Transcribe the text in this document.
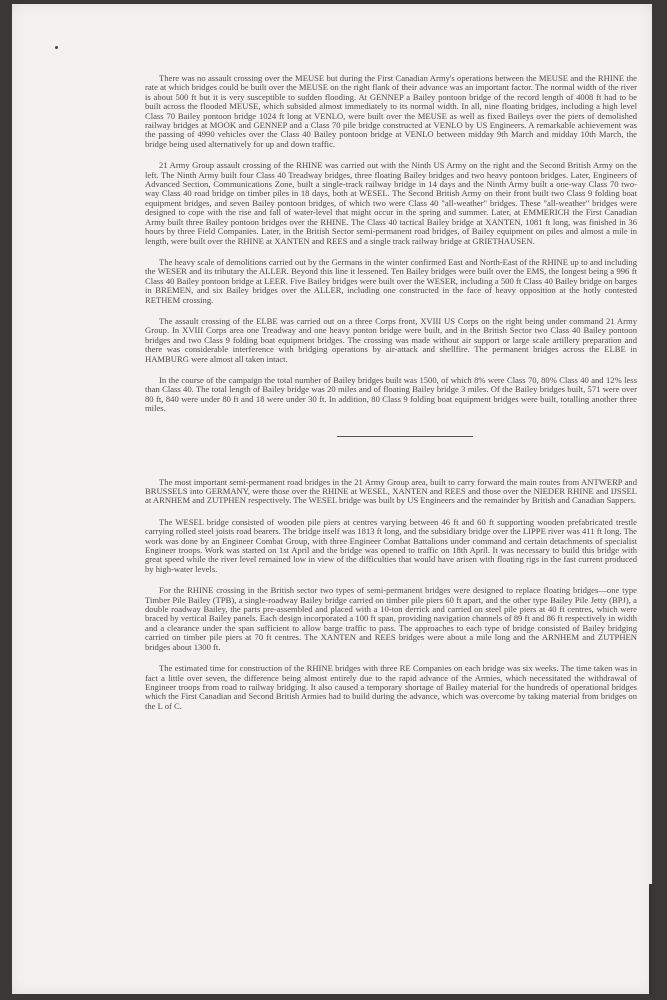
There was no assault crossing over the MEUSE but during the First Canadian Army's operations between the MEUSE and the RHINE the rate at which bridges could be built over the MEUSE on the right flank of their advance was an important factor. The normal width of the river is about 500 ft but it is very susceptible to sudden flooding. At GENNEP a Bailey pontoon bridge of the record length of 4008 ft had to be built across the flooded MEUSE, which subsided almost immediately to its normal width. In all, nine floating bridges, including a high level Class 70 Bailey pontoon bridge 1024 ft long at VENLO, were built over the MEUSE as well as fixed Baileys over the piers of demolished railway bridges at MOOK and GENNEP and a Class 70 pile bridge constructed at VENLO by US Engineers. A remarkable achievement was the passing of 4990 vehicles over the Class 40 Bailey pontoon bridge at VENLO between midday 9th March and midday 10th March, the bridge being used alternatively for up and down traffic.

21 Army Group assault crossing of the RHINE was carried out with the Ninth US Army on the right and the Second British Army on the left. The Ninth Army built four Class 40 Treadway bridges, three floating Bailey bridges and two heavy pontoon bridges. Later, Engineers of Advanced Section, Communications Zone, built a single-track railway bridge in 14 days and the Ninth Army built a one-way Class 70 two-way Class 40 road bridge on timber piles in 18 days, both at WESEL. The Second British Army on their front built two Class 9 folding boat equipment bridges, and seven Bailey pontoon bridges, of which two were Class 40 "all-weather" bridges. These "all-weather" bridges were designed to cope with the rise and fall of water-level that might occur in the spring and summer. Later, at EMMERICH the First Canadian Army built three Bailey pontoon bridges over the RHINE. The Class 40 tactical Bailey bridge at XANTEN, 1081 ft long, was finished in 36 hours by three Field Companies. Later, in the British Sector semi-permanent road bridges, of Bailey equipment on piles and almost a mile in length, were built over the RHINE at XANTEN and REES and a single track railway bridge at GRIETHAUSEN.

The heavy scale of demolitions carried out by the Germans in the winter confirmed East and North-East of the RHINE up to and including the WESER and its tributary the ALLER. Beyond this line it lessened. Ten Bailey bridges were built over the EMS, the longest being a 996 ft Class 40 Bailey pontoon bridge at LEER. Five Bailey bridges were built over the WESER, including a 500 ft Class 40 Bailey bridge on barges in BREMEN, and six Bailey bridges over the ALLER, including one constructed in the face of heavy opposition at the hotly contested RETHEM crossing.

The assault crossing of the ELBE was carried out on a three Corps front, XVIII US Corps on the right being under command 21 Army Group. In XVIII Corps area one Treadway and one heavy ponton bridge were built, and in the British Sector two Class 40 Bailey pontoon bridges and two Class 9 folding boat equipment bridges. The crossing was made without air support or large scale artillery preparation and there was considerable interference with bridging operations by air-attack and shellfire. The permanent bridges across the ELBE in HAMBURG were almost all taken intact.

In the course of the campaign the total number of Bailey bridges built was 1500, of which 8% were Class 70, 80% Class 40 and 12% less than Class 40. The total length of Bailey bridge was 20 miles and of floating Bailey bridge 3 miles. Of the Bailey bridges built, 571 were over 80 ft, 840 were under 80 ft and 18 were under 30 ft. In addition, 80 Class 9 folding boat equipment bridges were built, totalling another three miles.

The most important semi-permanent road bridges in the 21 Army Group area, built to carry forward the main routes from ANTWERP and BRUSSELS into GERMANY, were those over the RHINE at WESEL, XANTEN and REES and those over the NIEDER RHINE and IJSSEL at ARNHEM and ZUTPHEN respectively. The WESEL bridge was built by US Engineers and the remainder by British and Canadian Sappers.

The WESEL bridge consisted of wooden pile piers at centres varying between 46 ft and 60 ft supporting wooden prefabricated trestle carrying rolled steel joists road bearers. The bridge itself was 1813 ft long, and the subsidiary bridge over the LIPPE river was 411 ft long. The work was done by an Engineer Combat Group, with three Engineer Combat Battalions under command and certain detachments of specialist Engineer troops. Work was started on 1st April and the bridge was opened to traffic on 18th April. It was necessary to build this bridge with great speed while the river level remained low in view of the difficulties that would have arisen with floating rigs in the fast current produced by high-water levels.

For the RHINE crossing in the British sector two types of semi-permanent bridges were designed to replace floating bridges—one type Timber Pile Bailey (TPB), a single-roadway Bailey bridge carried on timber pile piers 60 ft apart, and the other type Bailey Pile Jetty (BPJ), a double roadway Bailey, the parts pre-assembled and placed with a 10-ton derrick and carried on steel pile piers at 40 ft centres, which were braced by vertical Bailey panels. Each design incorporated a 100 ft span, providing navigation channels of 89 ft and 86 ft respectively in width and a clearance under the span sufficient to allow barge traffic to pass. The approaches to each type of bridge consisted of Bailey bridging carried on timber pile piers at 70 ft centres. The XANTEN and REES bridges were about a mile long and the ARNHEM and ZUTPHEN bridges about 1300 ft.

The estimated time for construction of the RHINE bridges with three RE Companies on each bridge was six weeks. The time taken was in fact a little over seven, the difference being almost entirely due to the rapid advance of the Armies, which necessitated the withdrawal of Engineer troops from road to railway bridging. It also caused a temporary shortage of Bailey material for the hundreds of operational bridges which the First Canadian and Second British Armies had to build during the advance, which was overcome by taking material from bridges on the L of C.
